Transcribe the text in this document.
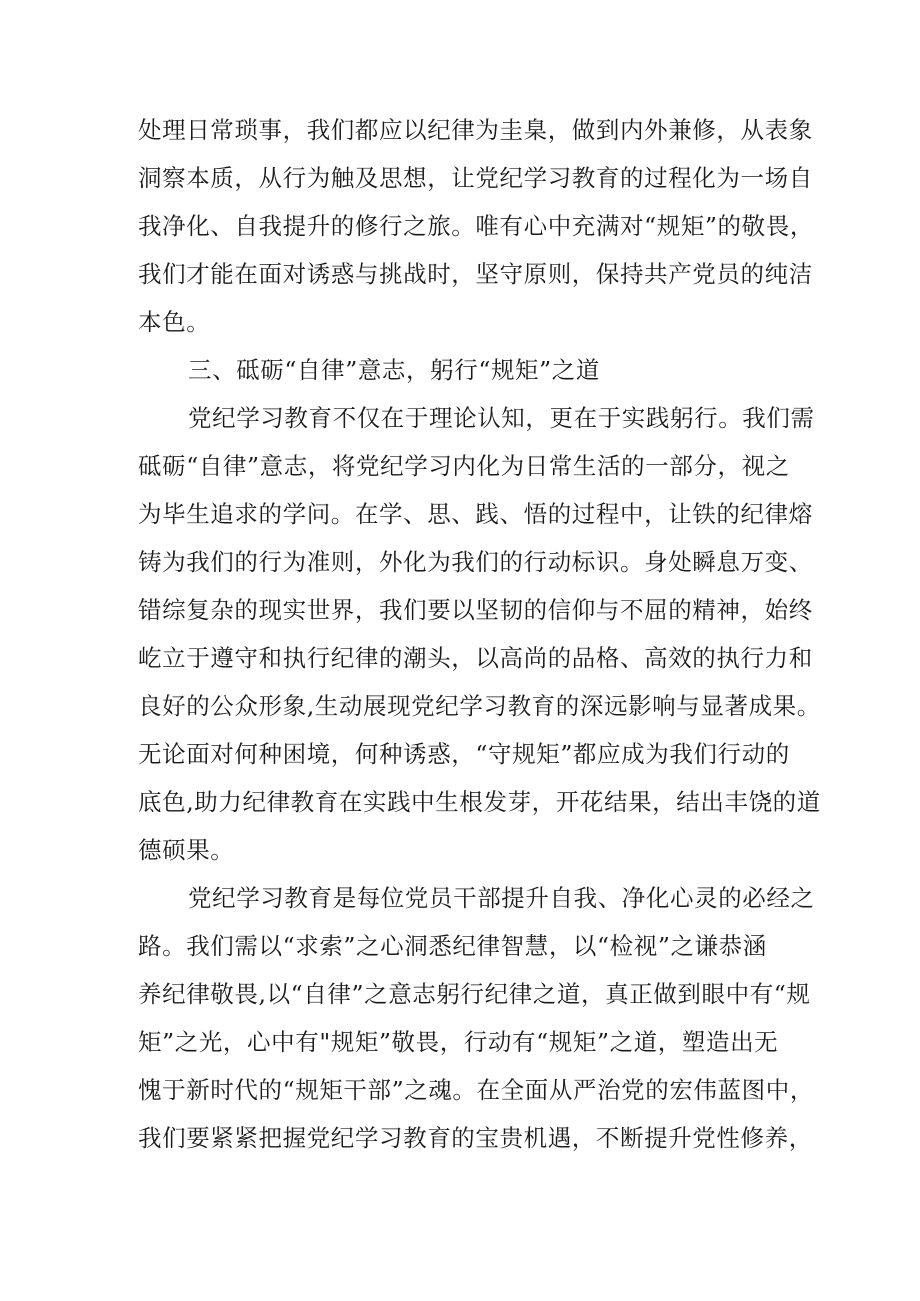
处理日常琐事，我们都应以纪律为圭臬，做到内外兼修，从表象
洞察本质，从行为触及思想，让党纪学习教育的过程化为一场自
我净化、自我提升的修行之旅。唯有心中充满对“规矩”的敬畏，
我们才能在面对诱惑与挑战时，坚守原则，保持共产党员的纯洁
本色。
三、砥砺“自律”意志，躬行“规矩”之道
党纪学习教育不仅在于理论认知，更在于实践躬行。我们需
砥砺“自律”意志，将党纪学习内化为日常生活的一部分，视之
为毕生追求的学问。在学、思、践、悟的过程中，让铁的纪律熔
铸为我们的行为准则，外化为我们的行动标识。身处瞬息万变、
错综复杂的现实世界，我们要以坚韧的信仰与不屈的精神，始终
屹立于遵守和执行纪律的潮头，以高尚的品格、高效的执行力和
良好的公众形象,生动展现党纪学习教育的深远影响与显著成果。
无论面对何种困境，何种诱惑，“守规矩”都应成为我们行动的
底色,助力纪律教育在实践中生根发芽，开花结果，结出丰饶的道
德硕果。
党纪学习教育是每位党员干部提升自我、净化心灵的必经之
路。我们需以“求索”之心洞悉纪律智慧，以“检视”之谦恭涵
养纪律敬畏,以“自律”之意志躬行纪律之道，真正做到眼中有“规
矩”之光，心中有"规矩”敬畏，行动有“规矩”之道，塑造出无
愧于新时代的“规矩干部”之魂。在全面从严治党的宏伟蓝图中，
我们要紧紧把握党纪学习教育的宝贵机遇，不断提升党性修养，
